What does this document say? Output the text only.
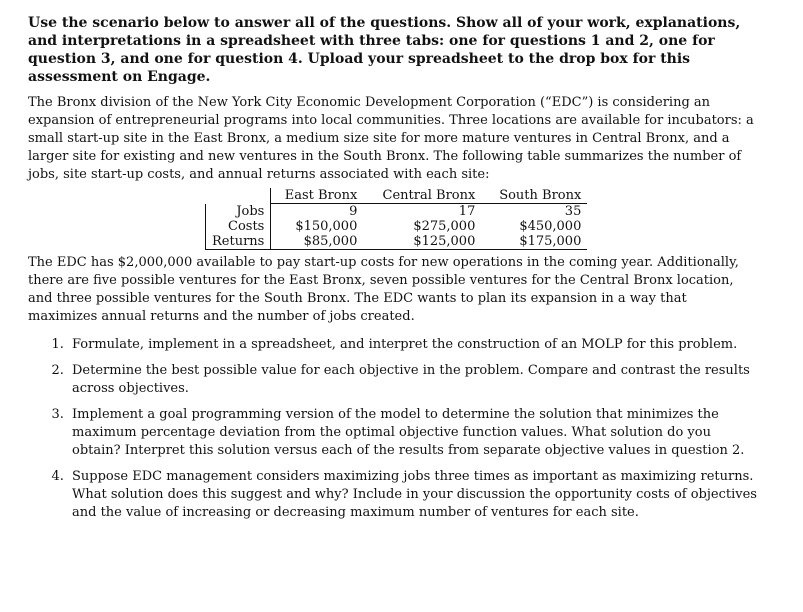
Use the scenario below to answer all of the questions. Show all of your work, explanations, and interpretations in a spreadsheet with three tabs: one for questions 1 and 2, one for question 3, and one for question 4. Upload your spreadsheet to the drop box for this assessment on Engage.

The Bronx division of the New York City Economic Development Corporation (“EDC”) is considering an expansion of entrepreneurial programs into local communities. Three locations are available for incubators: a small start-up site in the East Bronx, a medium size site for more mature ventures in Central Bronx, and a larger site for existing and new ventures in the South Bronx. The following table summarizes the number of jobs, site start-up costs, and annual returns associated with each site:

	East Bronx	Central Bronx	South Bronx
Jobs	9	17	35
Costs	$150,000	$275,000	$450,000
Returns	$85,000	$125,000	$175,000

The EDC has $2,000,000 available to pay start-up costs for new operations in the coming year. Additionally, there are five possible ventures for the East Bronx, seven possible ventures for the Central Bronx location, and three possible ventures for the South Bronx. The EDC wants to plan its expansion in a way that maximizes annual returns and the number of jobs created.

1. Formulate, implement in a spreadsheet, and interpret the construction of an MOLP for this problem.
2. Determine the best possible value for each objective in the problem. Compare and contrast the results across objectives.
3. Implement a goal programming version of the model to determine the solution that minimizes the maximum percentage deviation from the optimal objective function values. What solution do you obtain? Interpret this solution versus each of the results from separate objective values in question 2.
4. Suppose EDC management considers maximizing jobs three times as important as maximizing returns. What solution does this suggest and why? Include in your discussion the opportunity costs of objectives and the value of increasing or decreasing maximum number of ventures for each site.
